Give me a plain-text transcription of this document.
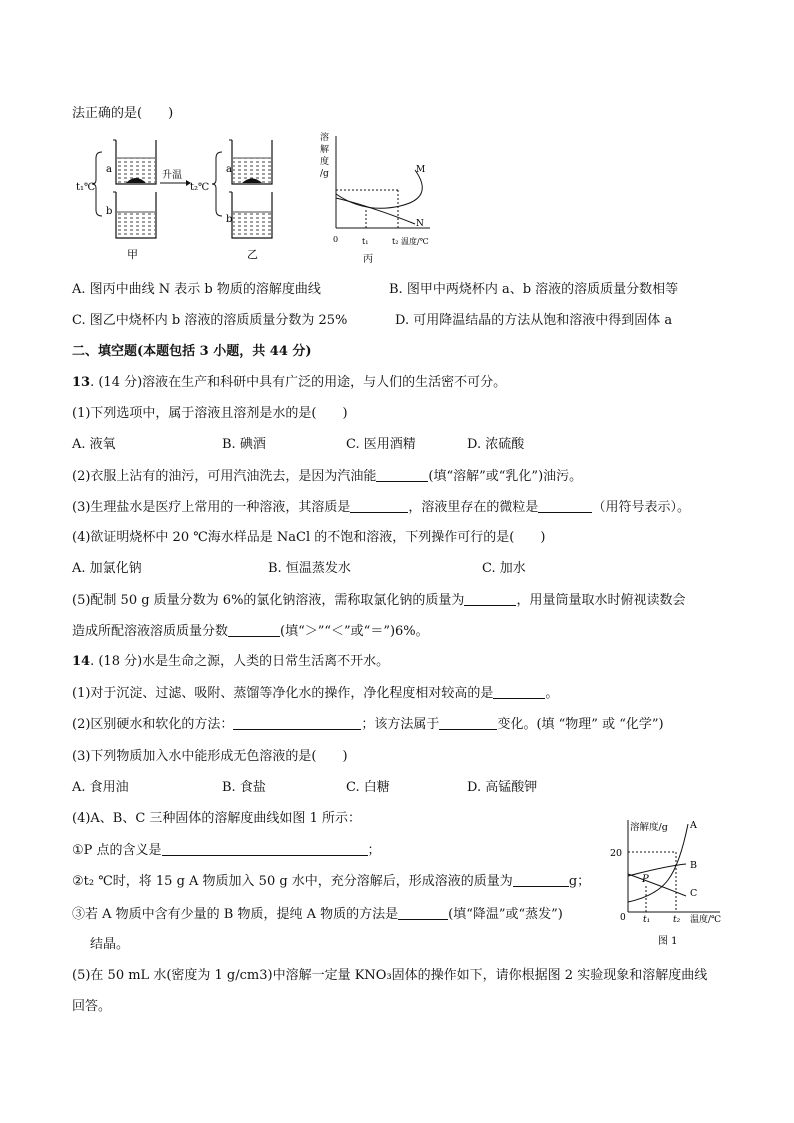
法正确的是(　　)
t₁℃
a
b
甲
升温
t₂℃
a
b
乙
溶
解
度
/g	M
N
0	t₁	t₂ 温度/℃
丙
A. 图丙中曲线 N 表示 b 物质的溶解度曲线	B. 图甲中两烧杯内 a、b 溶液的溶质质量分数相等
C. 图乙中烧杯内 b 溶液的溶质质量分数为 25%	D. 可用降温结晶的方法从饱和溶液中得到固体 a
二、填空题(本题包括 3 小题，共 44 分)
13. (14 分)溶液在生产和科研中具有广泛的用途，与人们的生活密不可分。
(1)下列选项中，属于溶液且溶剂是水的是(　　)
A. 液氧	B. 碘酒	C. 医用酒精	D. 浓硫酸
(2)衣服上沾有的油污，可用汽油洗去，是因为汽油能	(填“溶解”或“乳化”)油污。
(3)生理盐水是医疗上常用的一种溶液，其溶质是	，溶液里存在的微粒是	（用符号表示）。
(4)欲证明烧杯中 20 ℃海水样品是 NaCl 的不饱和溶液，下列操作可行的是(　　)
A. 加氯化钠	B. 恒温蒸发水	C. 加水
(5)配制 50 g 质量分数为 6%的氯化钠溶液，需称取氯化钠的质量为	，用量筒量取水时俯视读数会
造成所配溶液溶质质量分数	(填“＞”“＜”或“＝”)6%。
14. (18 分)水是生命之源，人类的日常生活离不开水。
(1)对于沉淀、过滤、吸附、蒸馏等净化水的操作，净化程度相对较高的是	。
(2)区别硬水和软化的方法：	；该方法属于	变化。(填 “物理” 或 “化学”)
(3)下列物质加入水中能形成无色溶液的是(　　)
A. 食用油	B. 食盐	C. 白糖	D. 高锰酸钾
(4)A、B、C 三种固体的溶解度曲线如图 1 所示：
①P 点的含义是	；
②t₂ ℃时，将 15 g A 物质加入 50 g 水中，充分溶解后，形成溶液的质量为	g；
③若 A 物质中含有少量的 B 物质，提纯 A 物质的方法是	(填“降温”或“蒸发”)
结晶。
溶解度/g
20
A
B
C
P
0 t₁	t₂ 温度/℃
图 1
(5)在 50 mL 水(密度为 1 g/cm3)中溶解一定量 KNO₃固体的操作如下，请你根据图 2 实验现象和溶解度曲线
回答。
